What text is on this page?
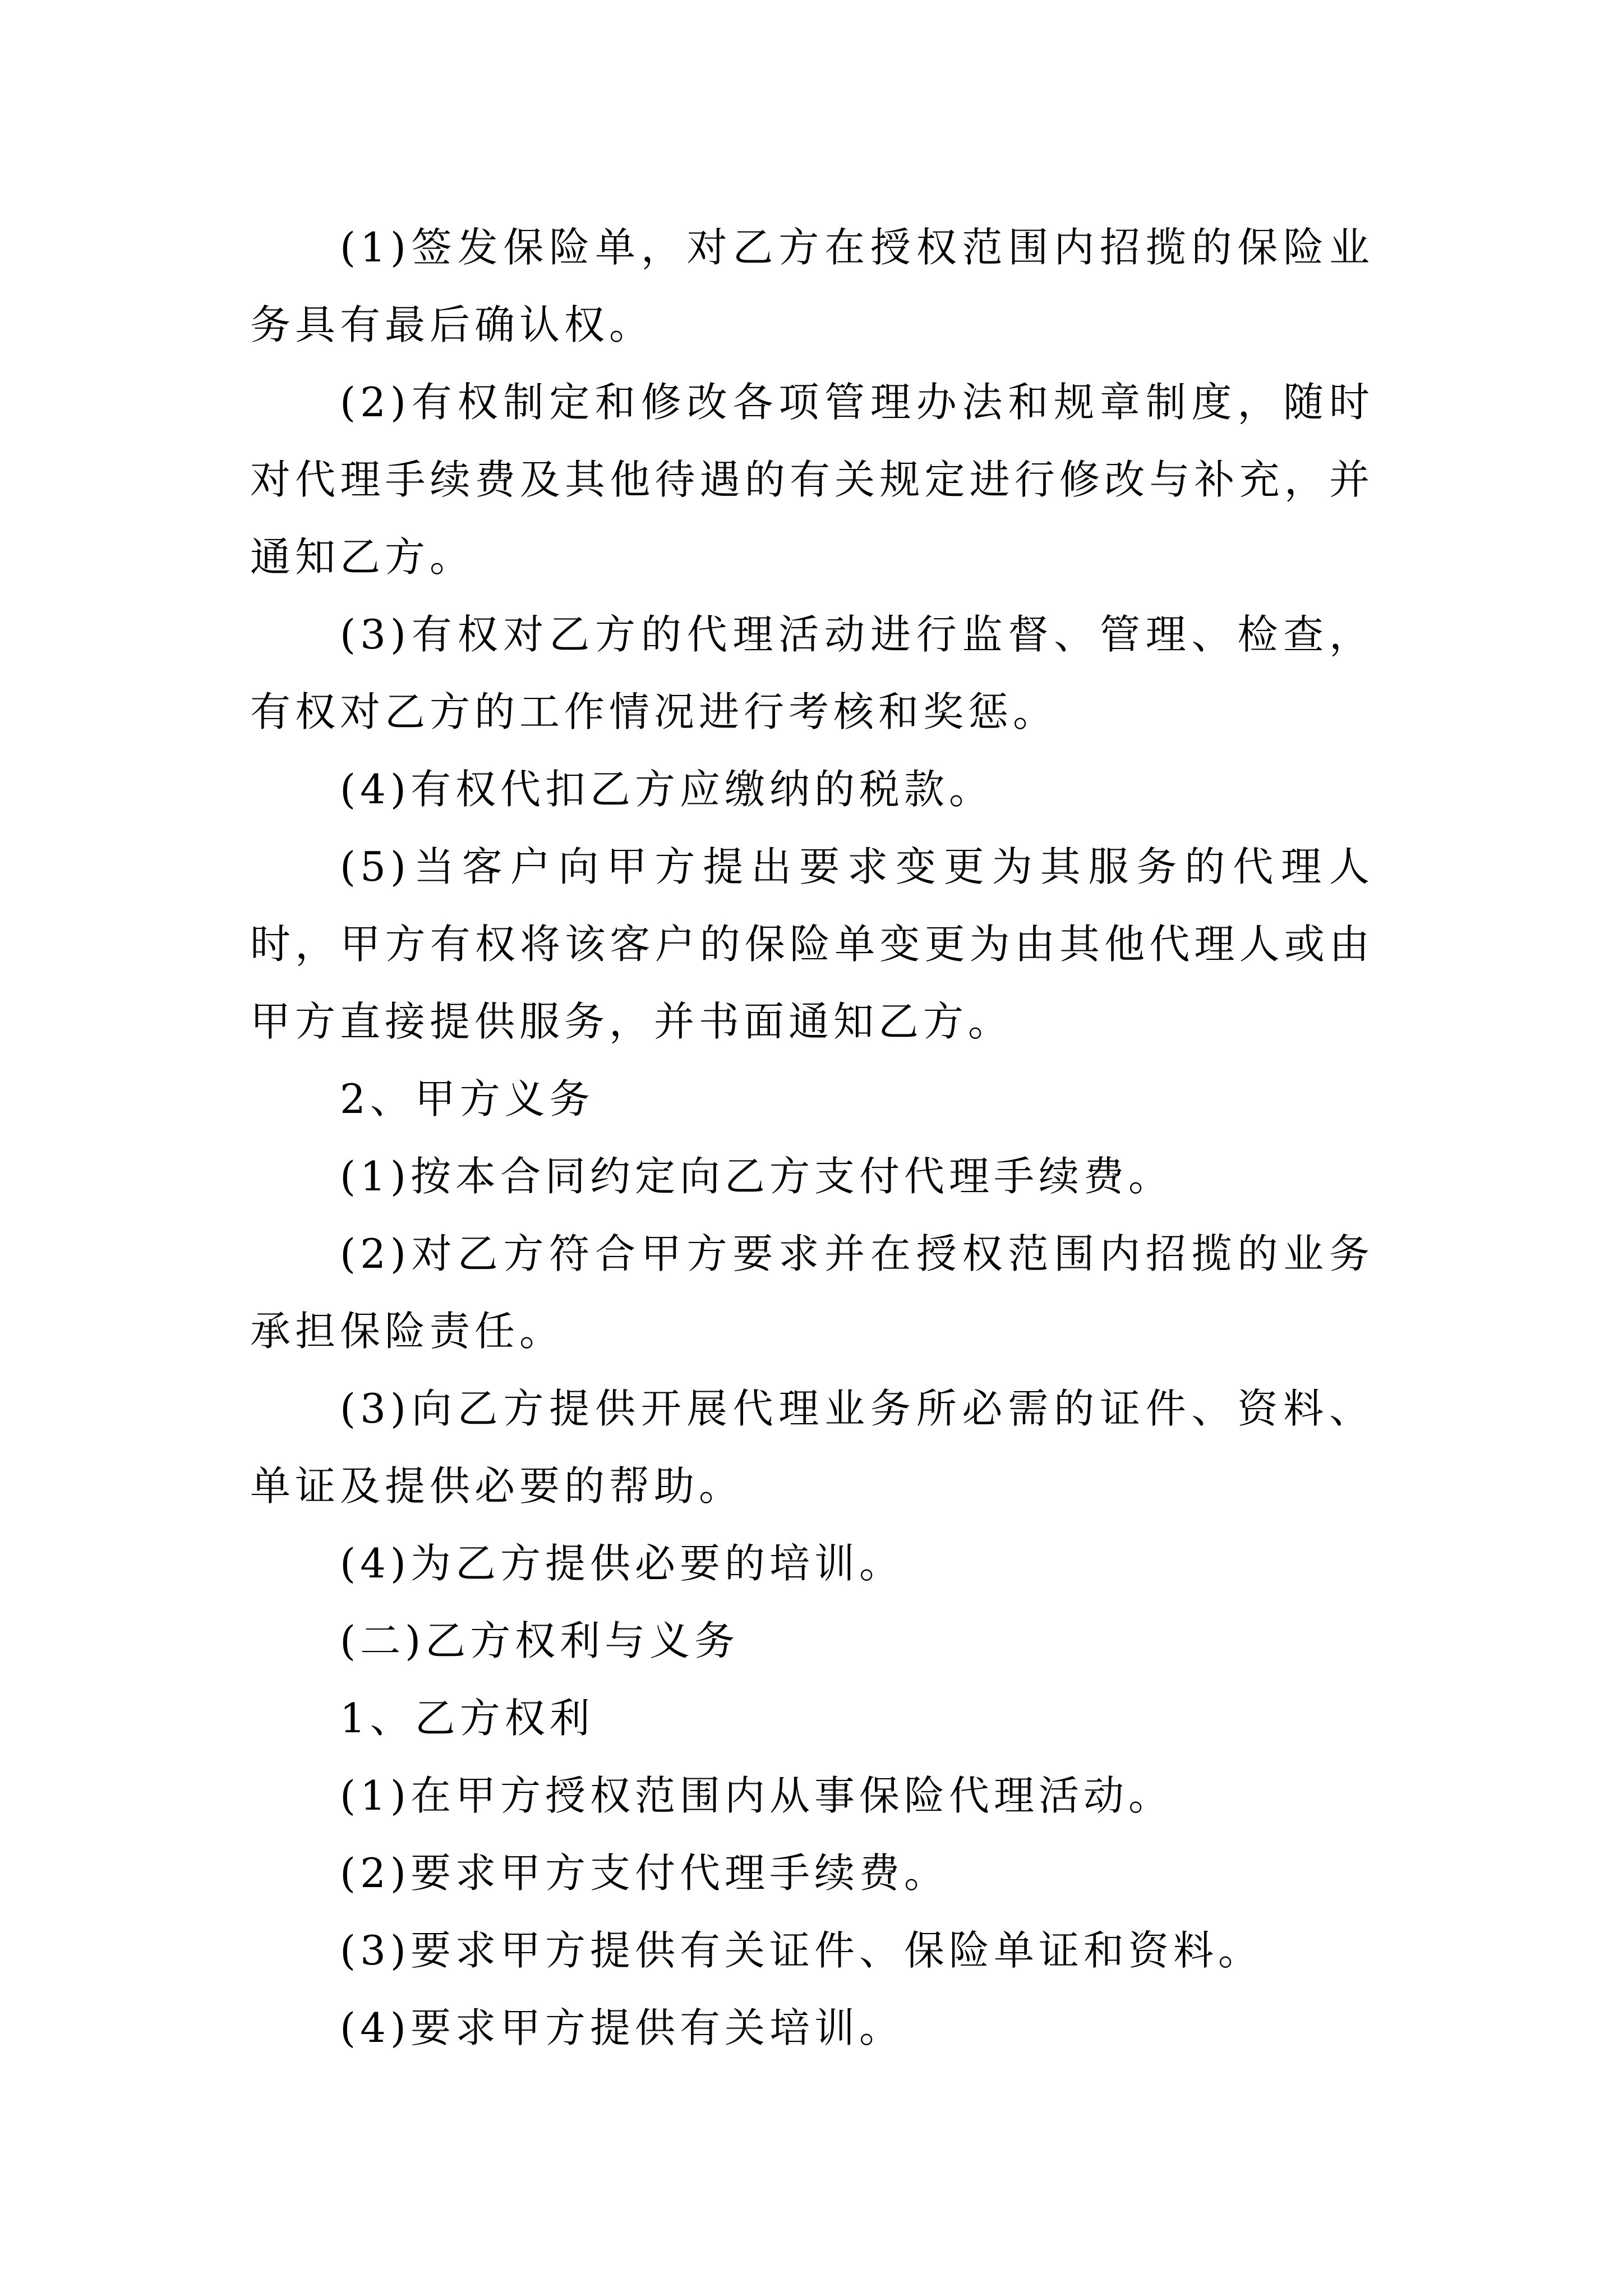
(1)签发保险单，对乙方在授权范围内招揽的保险业务具有最后确认权。

(2)有权制定和修改各项管理办法和规章制度，随时对代理手续费及其他待遇的有关规定进行修改与补充，并通知乙方。

(3)有权对乙方的代理活动进行监督、管理、检查，有权对乙方的工作情况进行考核和奖惩。

(4)有权代扣乙方应缴纳的税款。

(5)当客户向甲方提出要求变更为其服务的代理人时，甲方有权将该客户的保险单变更为由其他代理人或由甲方直接提供服务，并书面通知乙方。

2、甲方义务

(1)按本合同约定向乙方支付代理手续费。

(2)对乙方符合甲方要求并在授权范围内招揽的业务承担保险责任。

(3)向乙方提供开展代理业务所必需的证件、资料、单证及提供必要的帮助。

(4)为乙方提供必要的培训。

(二)乙方权利与义务

1、乙方权利

(1)在甲方授权范围内从事保险代理活动。

(2)要求甲方支付代理手续费。

(3)要求甲方提供有关证件、保险单证和资料。

(4)要求甲方提供有关培训。
